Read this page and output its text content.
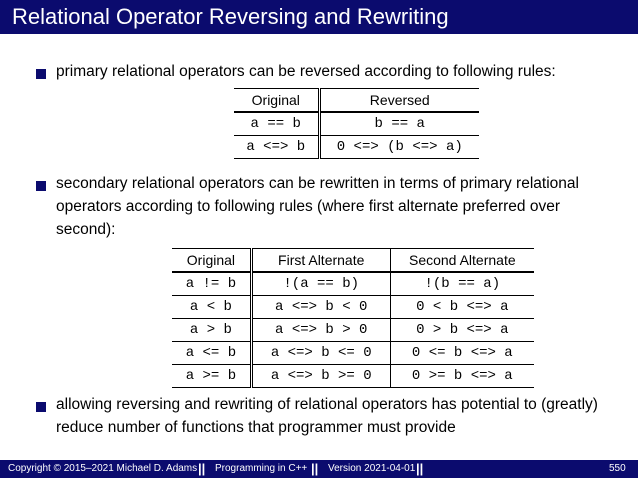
Relational Operator Reversing and Rewriting
primary relational operators can be reversed according to following rules:
Original	Reversed
a == b	b == a
a <=> b	0 <=> (b <=> a)
secondary relational operators can be rewritten in terms of primary relational operators according to following rules (where first alternate preferred over second):
Original	First Alternate	Second Alternate
a != b	!(a == b)	!(b == a)
a < b	a <=> b < 0	0 < b <=> a
a > b	a <=> b > 0	0 > b <=> a
a <= b	a <=> b <= 0	0 <= b <=> a
a >= b	a <=> b >= 0	0 >= b <=> a
allowing reversing and rewriting of relational operators has potential to (greatly) reduce number of functions that programmer must provide
Copyright © 2015–2021 Michael D. Adams || Programming in C++ || Version 2021-04-01 ||	550
